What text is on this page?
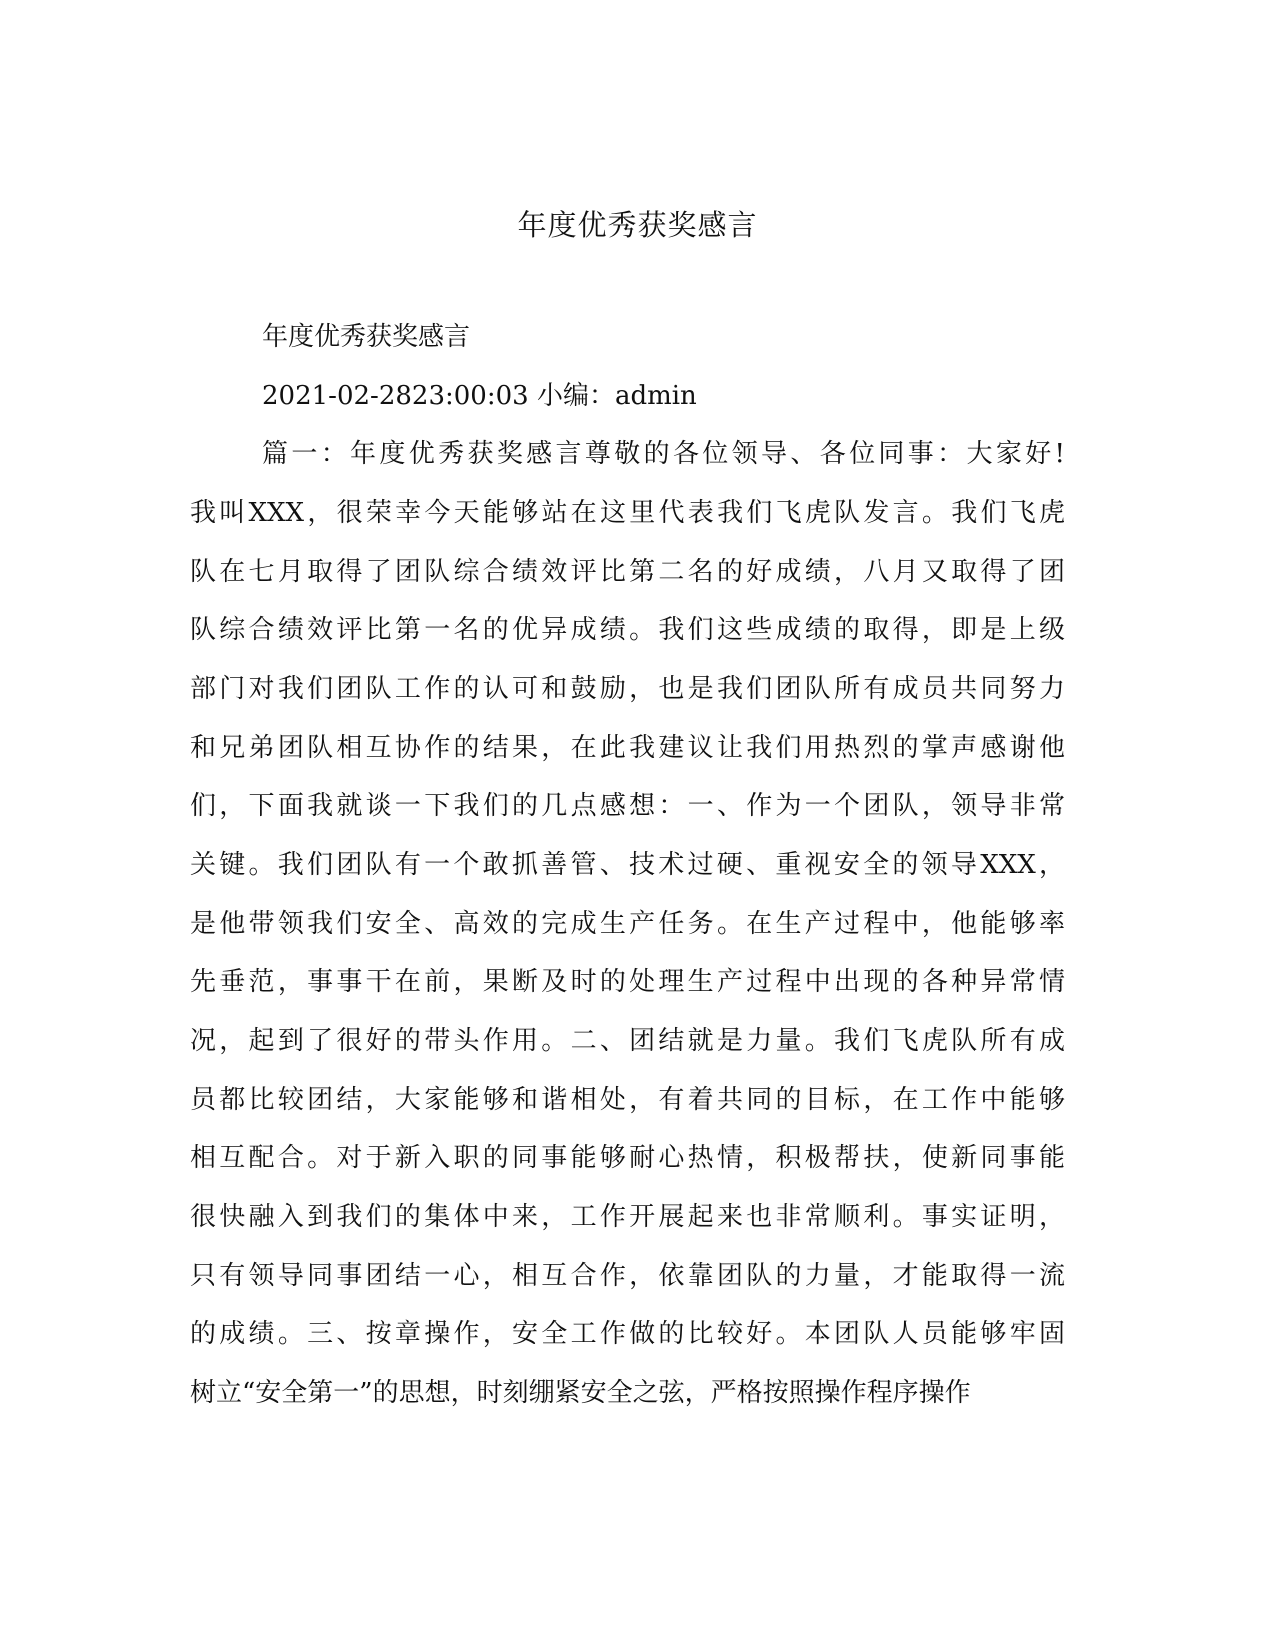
年度优秀获奖感言

年度优秀获奖感言

2021-02-2823:00:03 小编：admin

篇一：年度优秀获奖感言尊敬的各位领导、各位同事：大家好!

我叫XXX，很荣幸今天能够站在这里代表我们飞虎队发言。我们飞虎

队在七月取得了团队综合绩效评比第二名的好成绩，八月又取得了团

队综合绩效评比第一名的优异成绩。我们这些成绩的取得，即是上级

部门对我们团队工作的认可和鼓励，也是我们团队所有成员共同努力

和兄弟团队相互协作的结果，在此我建议让我们用热烈的掌声感谢他

们，下面我就谈一下我们的几点感想：一、作为一个团队，领导非常

关键。我们团队有一个敢抓善管、技术过硬、重视安全的领导XXX，

是他带领我们安全、高效的完成生产任务。在生产过程中，他能够率

先垂范，事事干在前，果断及时的处理生产过程中出现的各种异常情

况，起到了很好的带头作用。二、团结就是力量。我们飞虎队所有成

员都比较团结，大家能够和谐相处，有着共同的目标，在工作中能够

相互配合。对于新入职的同事能够耐心热情，积极帮扶，使新同事能

很快融入到我们的集体中来，工作开展起来也非常顺利。事实证明，

只有领导同事团结一心，相互合作，依靠团队的力量，才能取得一流

的成绩。三、按章操作，安全工作做的比较好。本团队人员能够牢固

树立“安全第一”的思想，时刻绷紧安全之弦，严格按照操作程序操作
